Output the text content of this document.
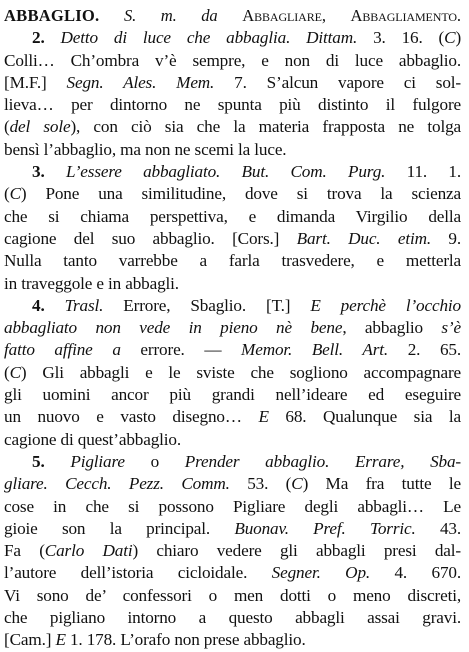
ABBAGLIO. S. m. da Abbagliare, Abbagliamento.
2. Detto di luce che abbaglia. Dittam. 3. 16. (C)
Colli… Ch’ombra v’è sempre, e non di luce abbaglio.
[M.F.] Segn. Ales. Mem. 7. S’alcun vapore ci sol-
lieva… per dintorno ne spunta più distinto il fulgore
(del sole), con ciò sia che la materia frapposta ne tolga
bensì l’abbaglio, ma non ne scemi la luce.
3. L’essere abbagliato. But. Com. Purg. 11. 1.
(C) Pone una similitudine, dove si trova la scienza
che si chiama perspettiva, e dimanda Virgilio della
cagione del suo abbaglio. [Cors.] Bart. Duc. etim. 9.
Nulla tanto varrebbe a farla trasvedere, e metterla
in traveggole e in abbagli.
4. Trasl. Errore, Sbaglio. [T.] E perchè l’occhio
abbagliato non vede in pieno nè bene, abbaglio s’è
fatto affine a errore. — Memor. Bell. Art. 2. 65.
(C) Gli abbagli e le sviste che sogliono accompagnare
gli uomini ancor più grandi nell’ideare ed eseguire
un nuovo e vasto disegno… E 68. Qualunque sia la
cagione di quest’abbaglio.
5. Pigliare o Prender abbaglio. Errare, Sba-
gliare. Cecch. Pezz. Comm. 53. (C) Ma fra tutte le
cose in che si possono Pigliare degli abbagli… Le
gioie son la principal. Buonav. Pref. Torric. 43.
Fa (Carlo Dati) chiaro vedere gli abbagli presi dal-
l’autore dell’istoria cicloidale. Segner. Op. 4. 670.
Vi sono de’ confessori o men dotti o meno discreti,
che pigliano intorno a questo abbagli assai gravi.
[Cam.] E 1. 178. L’orafo non prese abbaglio.
